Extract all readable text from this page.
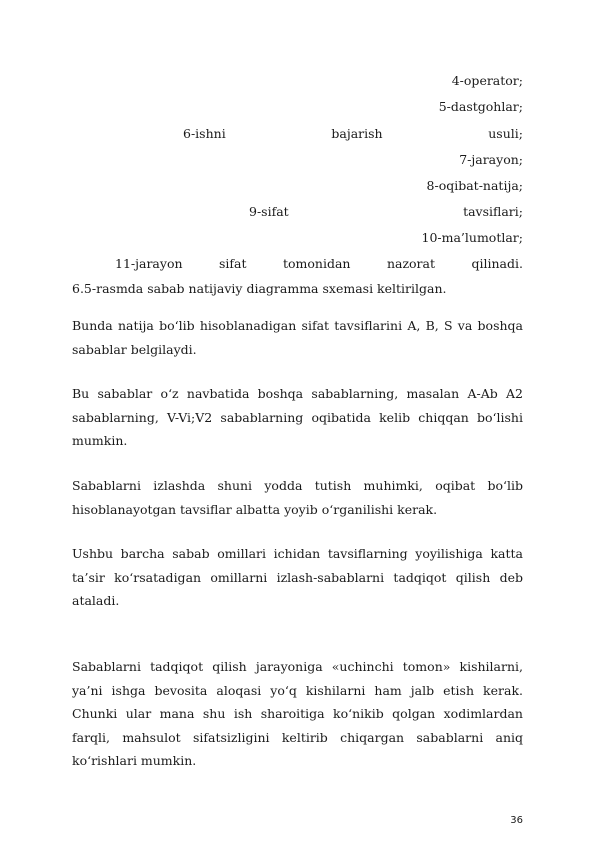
4-operator;
5-dastgohlar;
6-ishni	bajarish	usuli;
7-jarayon;
8-oqibat-natija;
9-sifat	tavsiflari;
10-ma’lumotlar;
11-jarayon	sifat	tomonidan	nazorat	qilinadi.
6.5-rasmda sabab natijaviy diagramma sxemasi keltirilgan.
Bunda natija bo‘lib hisoblanadigan sifat tavsiflarini A, B, S va boshqa sabablar belgilaydi.
Bu sabablar o‘z navbatida boshqa sabablarning, masalan A-Ab A2 sabablarning, V-Vi;V2 sabablarning oqibatida kelib chiqqan bo‘lishi mumkin.
Sabablarni izlashda shuni yodda tutish muhimki, oqibat bo‘lib hisoblanayotgan tavsiflar albatta yoyib o‘rganilishi kerak.
Ushbu barcha sabab omillari ichidan tavsiflarning yoyilishiga katta ta’sir ko‘rsatadigan omillarni izlash-sabablarni tadqiqot qilish deb ataladi.
Sabablarni tadqiqot qilish jarayoniga «uchinchi tomon» kishilarni, ya’ni ishga bevosita aloqasi yo‘q kishilarni ham jalb etish kerak. Chunki ular mana shu ish sharoitiga ko‘nikib qolgan xodimlardan farqli, mahsulot sifatsizligini keltirib chiqargan sabablarni aniq ko‘rishlari mumkin.
36
